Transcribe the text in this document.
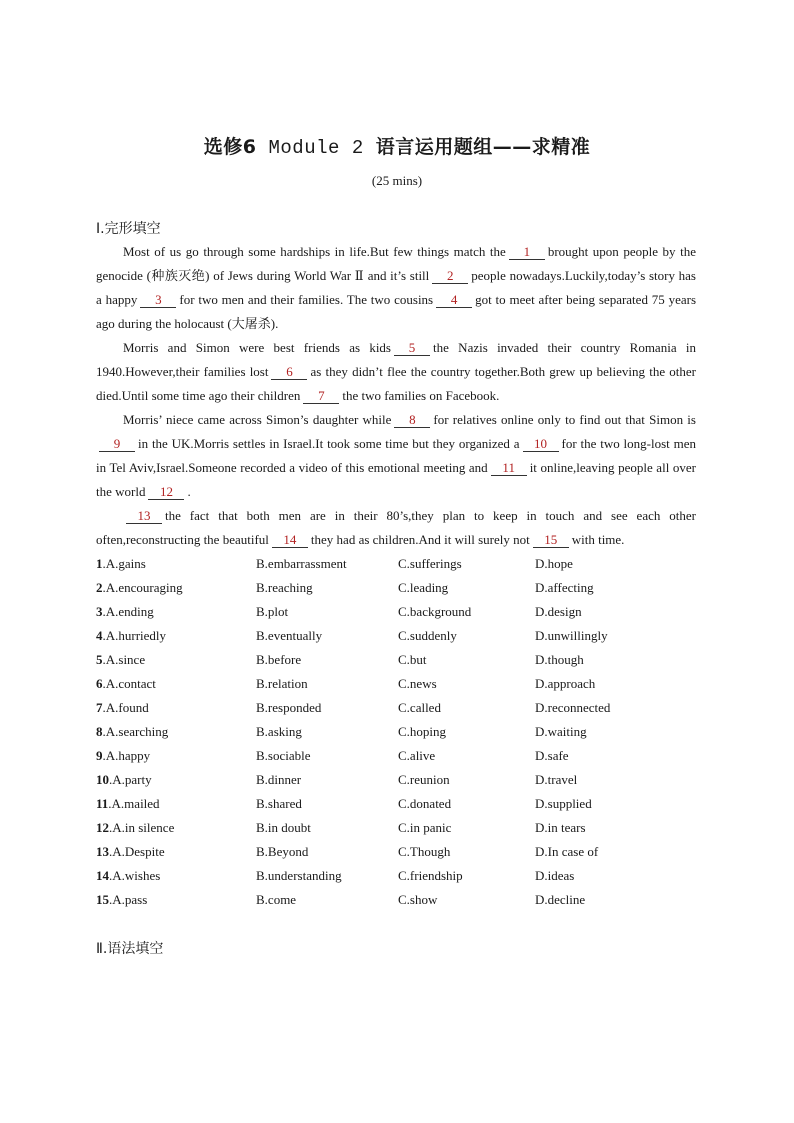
选修6 Module 2 语言运用题组——求精准
(25 mins)
Ⅰ.完形填空

Most of us go through some hardships in life.But few things match the 1 brought upon people by the genocide (种族灭绝) of Jews during World War Ⅱ and it’s still 2 people nowadays.Luckily,today’s story has a happy 3 for two men and their families. The two cousins 4 got to meet after being separated 75 years ago during the holocaust (大屠杀).

Morris and Simon were best friends as kids 5 the Nazis invaded their country Romania in 1940.However,their families lost 6 as they didn’t flee the country together.Both grew up believing the other died.Until some time ago their children 7 the two families on Facebook.

Morris’ niece came across Simon’s daughter while 8 for relatives online only to find out that Simon is9 in the UK.Morris settles in Israel.It took some time but they organized a 10 for the two long-lost men in Tel Aviv,Israel.Someone recorded a video of this emotional meeting and 11 it online,leaving people all over the world 12 .

13 the fact that both men are in their 80’s,they plan to keep in touch and see each other often,reconstructing the beautiful 14 they had as children.And it will surely not 15 with time.

1.A.gains	B.embarrassment	C.sufferings	D.hope
2.A.encouraging	B.reaching	C.leading	D.affecting
3.A.ending	B.plot	C.background	D.design
4.A.hurriedly	B.eventually	C.suddenly	D.unwillingly
5.A.since	B.before	C.but	D.though
6.A.contact	B.relation	C.news	D.approach
7.A.found	B.responded	C.called	D.reconnected
8.A.searching	B.asking	C.hoping	D.waiting
9.A.happy	B.sociable	C.alive	D.safe
10.A.party	B.dinner	C.reunion	D.travel
11.A.mailed	B.shared	C.donated	D.supplied
12.A.in silence	B.in doubt	C.in panic	D.in tears
13.A.Despite	B.Beyond	C.Though	D.In case of
14.A.wishes	B.understanding	C.friendship	D.ideas
15.A.pass	B.come	C.show	D.decline
Ⅱ.语法填空
